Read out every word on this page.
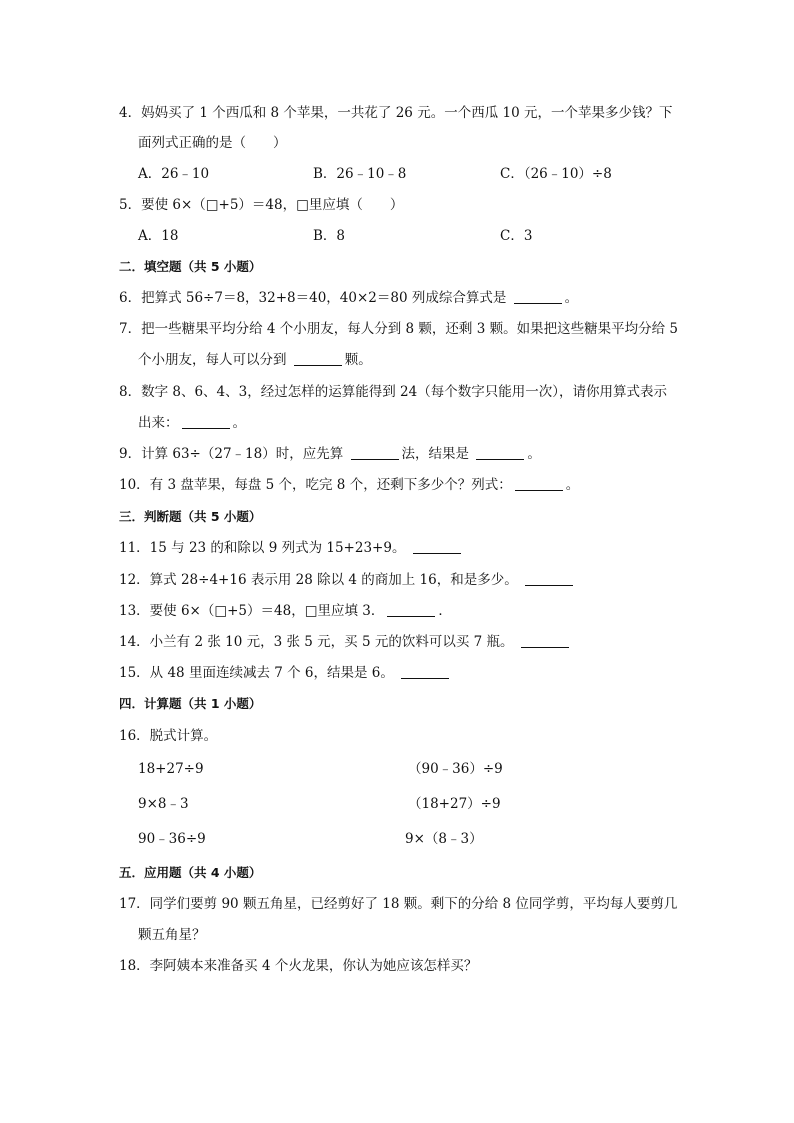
4．妈妈买了 1 个西瓜和 8 个苹果，一共花了 26 元。一个西瓜 10 元，一个苹果多少钱？下
面列式正确的是（　　）
A．26﹣10	B．26﹣10﹣8	C．（26﹣10）÷8
5．要使 6×（□+5）＝48，□里应填（　　）
A．18	B．8	C．3
二．填空题（共 5 小题）
6．把算式 56÷7＝8，32+8＝40，40×2＝80 列成综合算式是	。
7．把一些糖果平均分给 4 个小朋友，每人分到 8 颗，还剩 3 颗。如果把这些糖果平均分给 5
个小朋友，每人可以分到	颗。
8．数字 8、6、4、3，经过怎样的运算能得到 24（每个数字只能用一次），请你用算式表示
出来：	。
9．计算 63÷（27﹣18）时，应先算	法，结果是	。
10．有 3 盘苹果，每盘 5 个，吃完 8 个，还剩下多少个？列式：	。
三．判断题（共 5 小题）
11．15 与 23 的和除以 9 列式为 15+23+9。
12．算式 28÷4+16 表示用 28 除以 4 的商加上 16，和是多少。
13．要使 6×（□+5）＝48，□里应填 3．	．
14．小兰有 2 张 10 元，3 张 5 元，买 5 元的饮料可以买 7 瓶。
15．从 48 里面连续减去 7 个 6，结果是 6。
四．计算题（共 1 小题）
16．脱式计算。
18+27÷9	（90﹣36）÷9
9×8﹣3	（18+27）÷9
90﹣36÷9	9×（8﹣3）
五．应用题（共 4 小题）
17．同学们要剪 90 颗五角星，已经剪好了 18 颗。剩下的分给 8 位同学剪，平均每人要剪几
颗五角星？
18．李阿姨本来准备买 4 个火龙果，你认为她应该怎样买？
